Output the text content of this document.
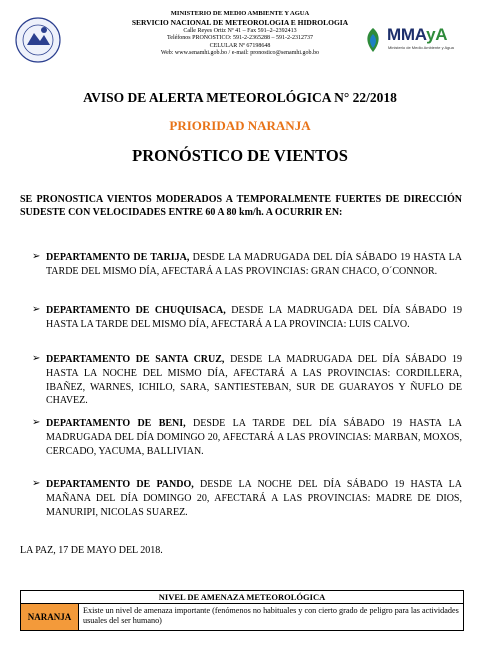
MINISTERIO DE MEDIO AMBIENTE Y AGUA
SERVICIO NACIONAL DE METEOROLOGIA E HIDROLOGIA
Calle Reyes Ortiz Nº 41 – Fax 591–2–2392413
Teléfonos PRONOSTICO: 591-2-2365288 – 591-2-2312737
CELULAR Nº 67198648
Web: www.senamhi.gob.bo / e-mail: pronostico@senamhi.gob.bo
MMAyA
Ministerio de Medio Ambiente y Agua
AVISO DE ALERTA METEOROLÓGICA N° 22/2018
PRIORIDAD NARANJA
PRONÓSTICO DE VIENTOS
SE PRONOSTICA VIENTOS MODERADOS A TEMPORALMENTE FUERTES DE DIRECCIÓN SUDESTE CON VELOCIDADES ENTRE 60 A 80 km/h. A OCURRIR EN:
➢ DEPARTAMENTO DE TARIJA, DESDE LA MADRUGADA DEL DÍA SÁBADO 19 HASTA LA TARDE DEL MISMO DÍA, AFECTARÁ A LAS PROVINCIAS: GRAN CHACO, O´CONNOR.
➢ DEPARTAMENTO DE CHUQUISACA, DESDE LA MADRUGADA DEL DÍA SÁBADO 19 HASTA LA TARDE DEL MISMO DÍA, AFECTARÁ A LA PROVINCIA: LUIS CALVO.
➢ DEPARTAMENTO DE SANTA CRUZ, DESDE LA MADRUGADA DEL DÍA SÁBADO 19 HASTA LA NOCHE DEL MISMO DÍA, AFECTARÁ A LAS PROVINCIAS: CORDILLERA, IBAÑEZ, WARNES, ICHILO, SARA, SANTIESTEBAN, SUR DE GUARAYOS Y ÑUFLO DE CHAVEZ.
➢ DEPARTAMENTO DE BENI, DESDE LA TARDE DEL DÍA SÁBADO 19 HASTA LA MADRUGADA DEL DÍA DOMINGO 20, AFECTARÁ A LAS PROVINCIAS: MARBAN, MOXOS, CERCADO, YACUMA, BALLIVIAN.
➢ DEPARTAMENTO DE PANDO, DESDE LA NOCHE DEL DÍA SÁBADO 19 HASTA LA MAÑANA DEL DÍA DOMINGO 20, AFECTARÁ A LAS PROVINCIAS: MADRE DE DIOS, MANURIPI, NICOLAS SUAREZ.
LA PAZ, 17 DE MAYO DEL 2018.
NIVEL DE AMENAZA METEOROLÓGICA
NARANJA
Existe un nivel de amenaza importante (fenómenos no habituales y con cierto grado de peligro para las actividades usuales del ser humano)
